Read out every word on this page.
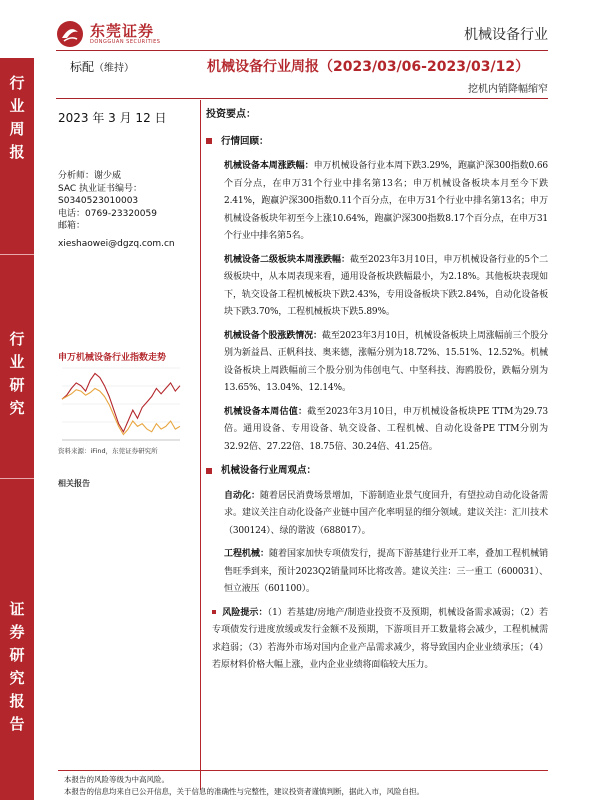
东莞证券
DONGGUAN SECURITIES	机械设备行业
行
业
周
报
行
业
研
究
证
券
研
究
报
告
标配（维持）	机械设备行业周报（2023/03/06-2023/03/12）
挖机内销降幅缩窄
2023 年 3 月 12 日
分析师：谢少威
SAC 执业证书编号：
S0340523010003
电话：0769-23320059
邮箱：
xieshaowei@dgzq.com.cn
申万机械设备行业指数走势
资料来源：iFind，东莞证券研究所
相关报告
投资要点：
行情回顾：

机械设备本周涨跌幅：申万机械设备行业本周下跌3.29%，跑赢沪深300指数0.66个百分点，在申万31个行业中排名第13名；申万机械设备板块本月至今下跌2.41%，跑赢沪深300指数0.11个百分点，在申万31个行业中排名第13名；申万机械设备板块年初至今上涨10.64%，跑赢沪深300指数8.17个百分点，在申万31个行业中排名第5名。

机械设备二级板块本周涨跌幅：截至2023年3月10日，申万机械设备行业的5个二级板块中，从本周表现来看，通用设备板块跌幅最小，为2.18%。其他板块表现如下，轨交设备工程机械板块下跌2.43%，专用设备板块下跌2.84%，自动化设备板块下跌3.70%，工程机械板块下跌5.89%。

机械设备个股涨跌情况：截至2023年3月10日，机械设备板块上周涨幅前三个股分别为新益昌、正帆科技、奥来德，涨幅分别为18.72%、15.51%、12.52%。机械设备板块上周跌幅前三个股分别为伟创电气、中坚科技、海鸥股份，跌幅分别为13.65%、13.04%、12.14%。

机械设备本周估值：截至2023年3月10日，申万机械设备板块PE TTM为29.73倍。通用设备、专用设备、轨交设备、工程机械、自动化设备PE TTM分别为32.92倍、27.22倍、18.75倍、30.24倍、41.25倍。

机械设备行业周观点：

自动化：随着居民消费场景增加，下游制造业景气度回升，有望拉动自动化设备需求。建议关注自动化设备产业链中国产化率明显的细分领域。建议关注：汇川技术（300124）、绿的谐波（688017）。

工程机械：随着国家加快专项债发行，提高下游基建行业开工率，叠加工程机械销售旺季到来，预计2023Q2销量同环比将改善。建议关注：三一重工（600031）、恒立液压（601100）。

风险提示：（1）若基建/房地产/制造业投资不及预期，机械设备需求减弱；（2）若专项债发行进度放缓或发行金额不及预期，下游项目开工数量将会减少，工程机械需求趋弱；（3）若海外市场对国内企业产品需求减少，将导致国内企业业绩承压；（4）若原材料价格大幅上涨，业内企业业绩将面临较大压力。

本报告的风险等级为中高风险。
本报告的信息均来自已公开信息，关于信息的准确性与完整性，建议投资者谨慎判断，据此入市，风险自担。
